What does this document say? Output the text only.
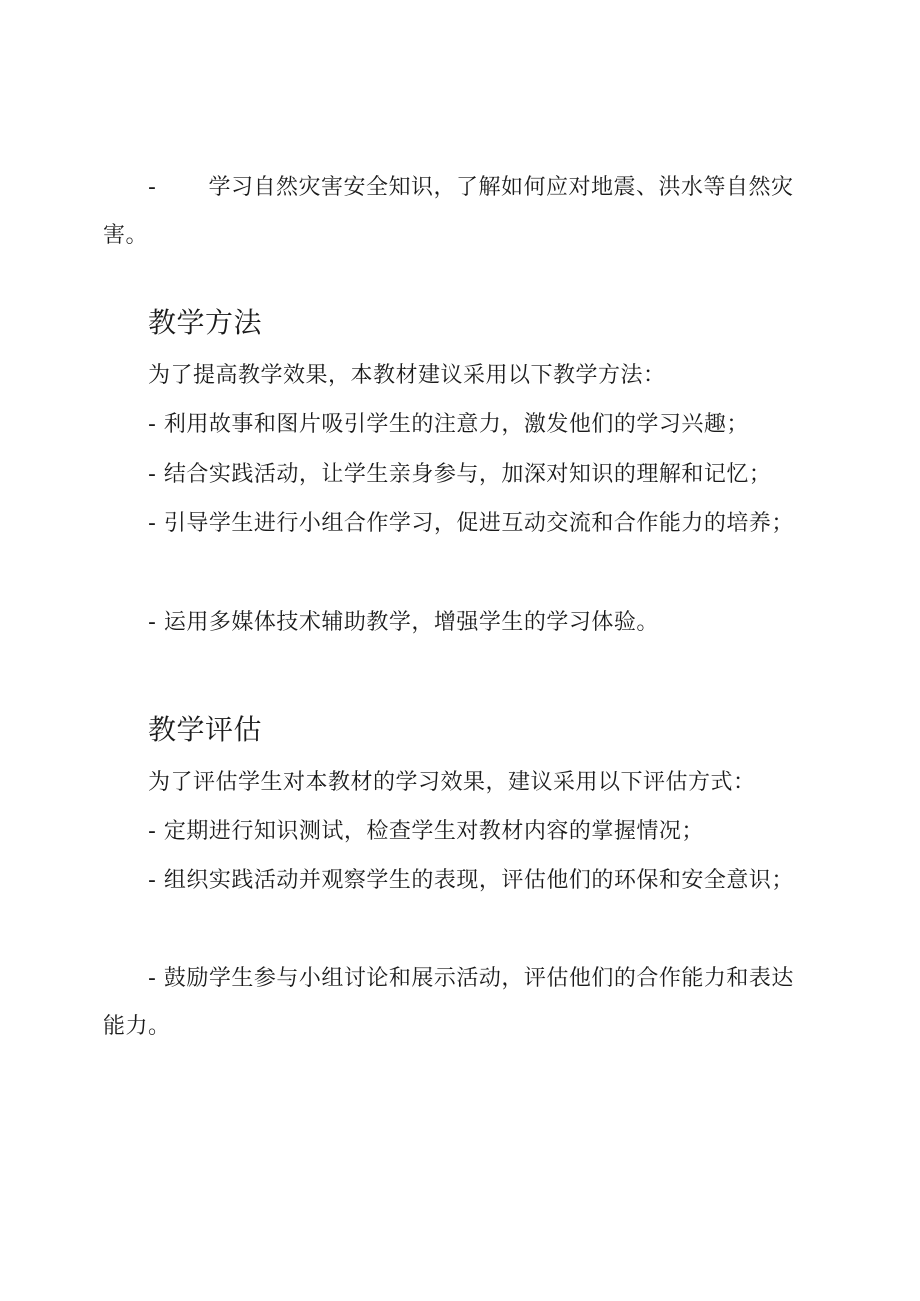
- 学习自然灾害安全知识，了解如何应对地震、洪水等自然灾害。

教学方法

为了提高教学效果，本教材建议采用以下教学方法：

- 利用故事和图片吸引学生的注意力，激发他们的学习兴趣；

- 结合实践活动，让学生亲身参与，加深对知识的理解和记忆；

- 引导学生进行小组合作学习，促进互动交流和合作能力的培养；

- 运用多媒体技术辅助教学，增强学生的学习体验。

教学评估

为了评估学生对本教材的学习效果，建议采用以下评估方式：

- 定期进行知识测试，检查学生对教材内容的掌握情况；

- 组织实践活动并观察学生的表现，评估他们的环保和安全意识；

- 鼓励学生参与小组讨论和展示活动，评估他们的合作能力和表达能力。
